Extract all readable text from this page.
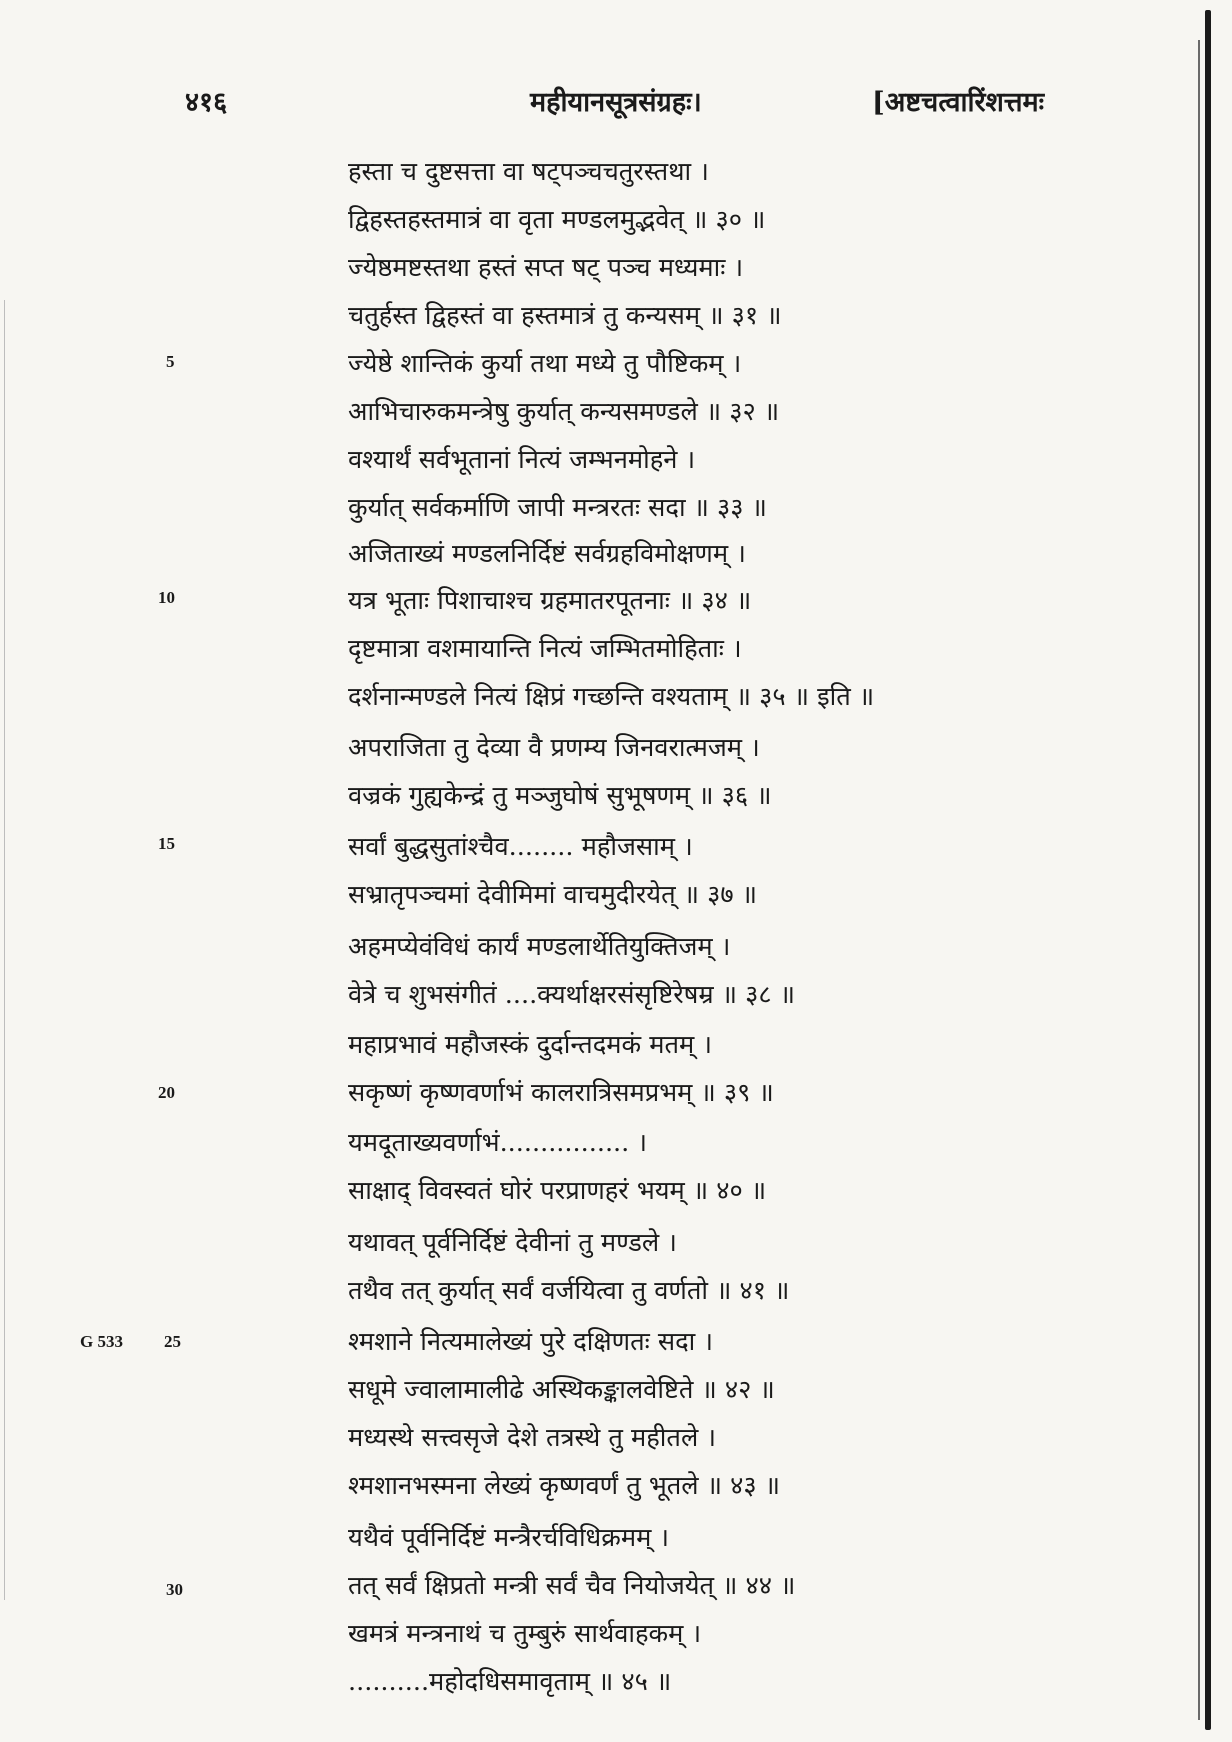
४१६	महीयानसूत्रसंग्रहः।	[अष्टचत्वारिंशत्तमः
5
10
15
20
G 533 25
30
हस्ता च दुष्टसत्ता वा षट्पञ्चचतुरस्तथा ।
द्विहस्तहस्तमात्रं वा वृता मण्डलमुद्भवेत् ॥ ३० ॥
ज्येष्ठमष्टस्तथा हस्तं सप्त षट् पञ्च मध्यमाः ।
चतुर्हस्त द्विहस्तं वा हस्तमात्रं तु कन्यसम् ॥ ३१ ॥
ज्येष्ठे शान्तिकं कुर्या तथा मध्ये तु पौष्टिकम् ।
आभिचारुकमन्त्रेषु कुर्यात् कन्यसमण्डले ॥ ३२ ॥
वश्यार्थं सर्वभूतानां नित्यं जम्भनमोहने ।
कुर्यात् सर्वकर्माणि जापी मन्त्ररतः सदा ॥ ३३ ॥
अजिताख्यं मण्डलनिर्दिष्टं सर्वग्रहविमोक्षणम् ।
यत्र भूताः पिशाचाश्च ग्रहमातरपूतनाः ॥ ३४ ॥
दृष्टमात्रा वशमायान्ति नित्यं जम्भितमोहिताः ।
दर्शनान्मण्डले नित्यं क्षिप्रं गच्छन्ति वश्यताम् ॥ ३५ ॥ इति ॥
अपराजिता तु देव्या वै प्रणम्य जिनवरात्मजम् ।
वज्रकं गुह्यकेन्द्रं तु मञ्जुघोषं सुभूषणम् ॥ ३६ ॥
सर्वां बुद्धसुतांश्चैव........ महौजसाम् ।
सभ्रातृपञ्चमां देवीमिमां वाचमुदीरयेत् ॥ ३७ ॥
अहमप्येवंविधं कार्यं मण्डलार्थेतियुक्तिजम् ।
वेत्रे च शुभसंगीतं ....क्यर्थाक्षरसंसृष्टिरेषम्र ॥ ३८ ॥
महाप्रभावं महौजस्कं दुर्दान्तदमकं मतम् ।
सकृष्णं कृष्णवर्णाभं कालरात्रिसमप्रभम् ॥ ३९ ॥
यमदूताख्यवर्णाभं................ ।
साक्षाद् विवस्वतं घोरं परप्राणहरं भयम् ॥ ४० ॥
यथावत् पूर्वनिर्दिष्टं देवीनां तु मण्डले ।
तथैव तत् कुर्यात् सर्वं वर्जयित्वा तु वर्णतो ॥ ४१ ॥
श्मशाने नित्यमालेख्यं पुरे दक्षिणतः सदा ।
सधूमे ज्वालामालीढे अस्थिकङ्कालवेष्टिते ॥ ४२ ॥
मध्यस्थे सत्त्वसृजे देशे तत्रस्थे तु महीतले ।
श्मशानभस्मना लेख्यं कृष्णवर्णं तु भूतले ॥ ४३ ॥
यथैवं पूर्वनिर्दिष्टं मन्त्रैरर्चविधिक्रमम् ।
तत् सर्वं क्षिप्रतो मन्त्री सर्वं चैव नियोजयेत् ॥ ४४ ॥
खमत्रं मन्त्रनाथं च तुम्बुरुं सार्थवाहकम् ।
..........महोदधिसमावृताम् ॥ ४५ ॥
